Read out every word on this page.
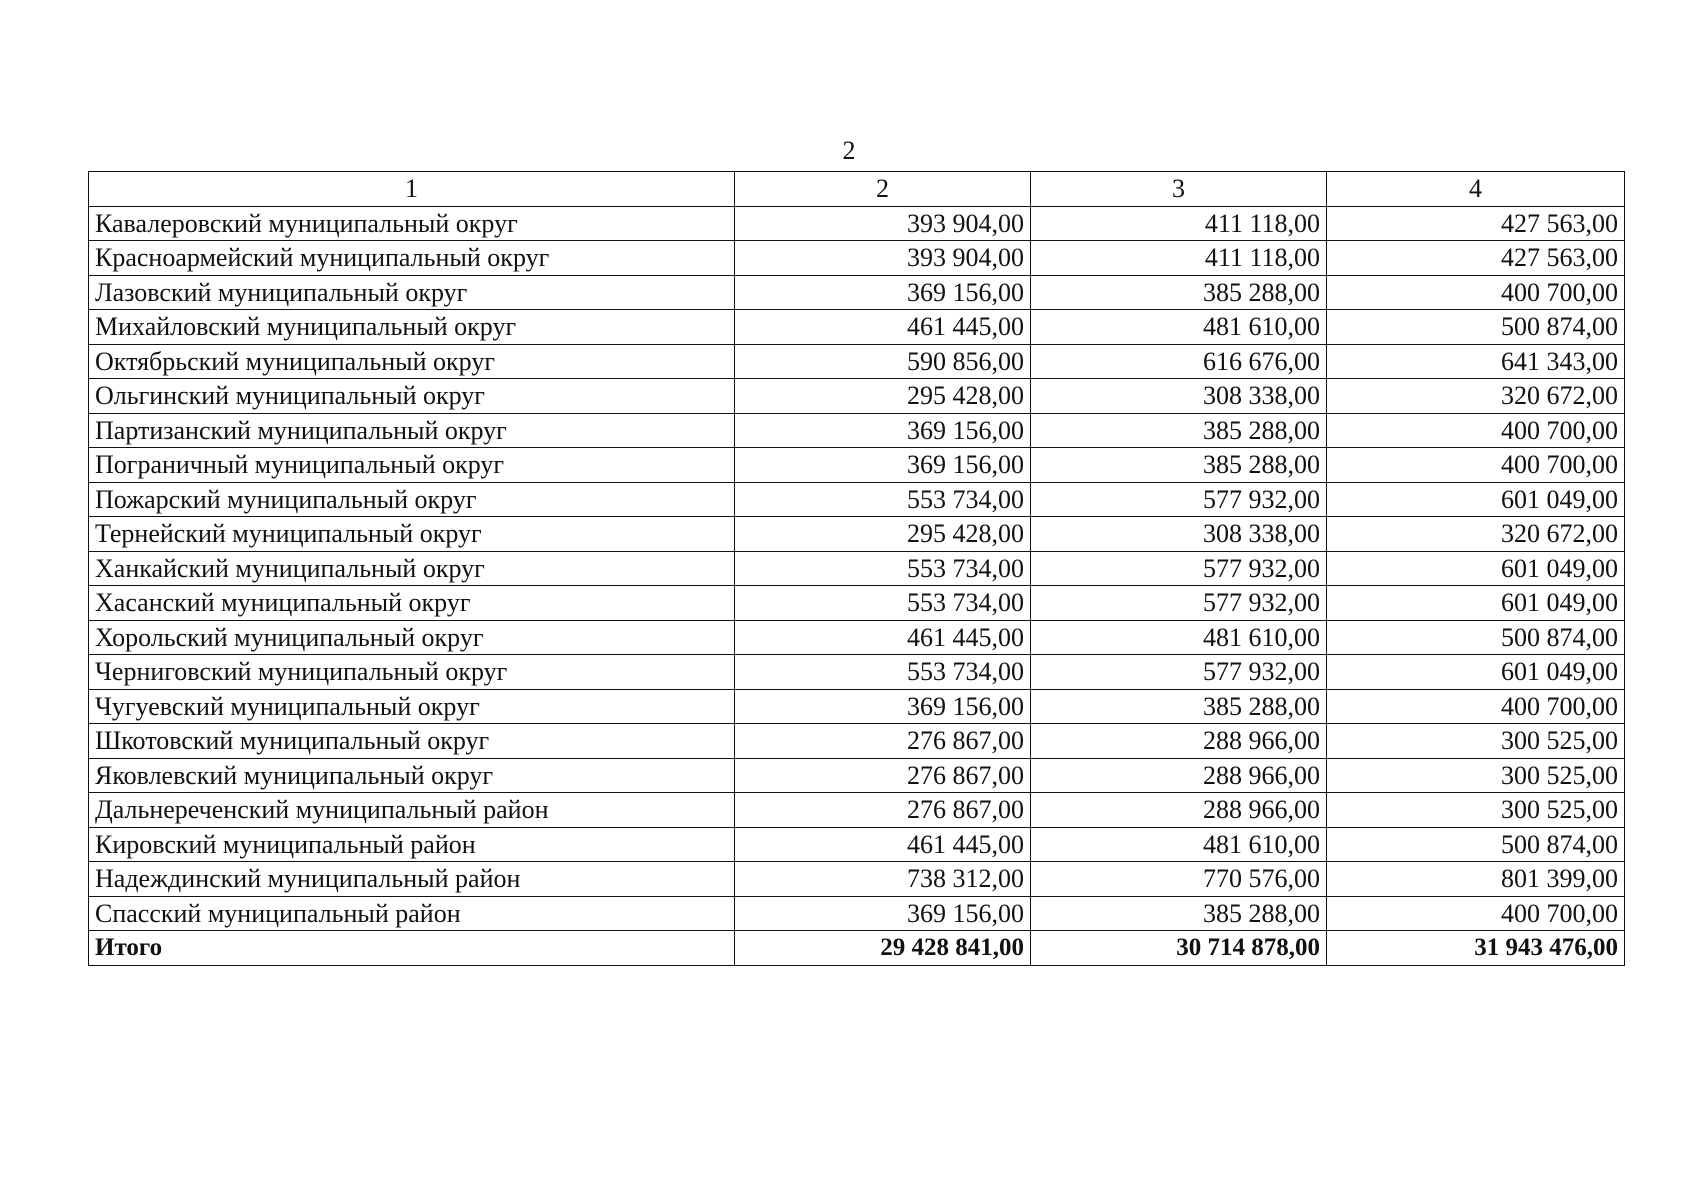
2
1	2	3	4
Кавалеровский муниципальный округ	393 904,00	411 118,00	427 563,00
Красноармейский муниципальный округ	393 904,00	411 118,00	427 563,00
Лазовский муниципальный округ	369 156,00	385 288,00	400 700,00
Михайловский муниципальный округ	461 445,00	481 610,00	500 874,00
Октябрьский муниципальный округ	590 856,00	616 676,00	641 343,00
Ольгинский муниципальный округ	295 428,00	308 338,00	320 672,00
Партизанский муниципальный округ	369 156,00	385 288,00	400 700,00
Пограничный муниципальный округ	369 156,00	385 288,00	400 700,00
Пожарский муниципальный округ	553 734,00	577 932,00	601 049,00
Тернейский муниципальный округ	295 428,00	308 338,00	320 672,00
Ханкайский муниципальный округ	553 734,00	577 932,00	601 049,00
Хасанский муниципальный округ	553 734,00	577 932,00	601 049,00
Хорольский муниципальный округ	461 445,00	481 610,00	500 874,00
Черниговский муниципальный округ	553 734,00	577 932,00	601 049,00
Чугуевский муниципальный округ	369 156,00	385 288,00	400 700,00
Шкотовский муниципальный округ	276 867,00	288 966,00	300 525,00
Яковлевский муниципальный округ	276 867,00	288 966,00	300 525,00
Дальнереченский муниципальный район	276 867,00	288 966,00	300 525,00
Кировский муниципальный район	461 445,00	481 610,00	500 874,00
Надеждинский муниципальный район	738 312,00	770 576,00	801 399,00
Спасский муниципальный район	369 156,00	385 288,00	400 700,00
Итого	29 428 841,00	30 714 878,00	31 943 476,00
